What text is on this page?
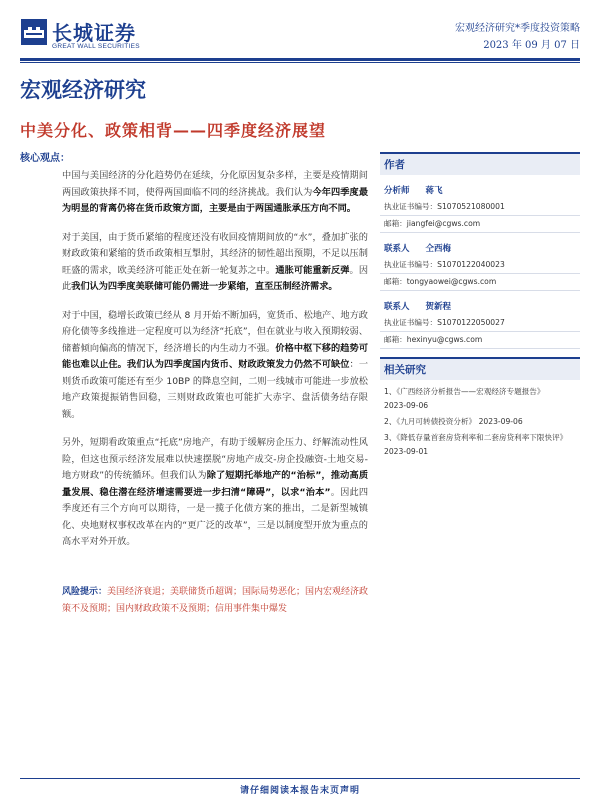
长城证券
GREAT WALL SECURITIES
宏观经济研究*季度投资策略
2023 年 09 月 07 日
宏观经济研究
中美分化、政策相背——四季度经济展望
核心观点：

中国与美国经济的分化趋势仍在延续，分化原因复杂多样，主要是疫情期间两国政策抉择不同，使得两国面临不同的经济挑战。我们认为今年四季度最为明显的背离仍将在货币政策方面，主要是由于两国通胀承压方向不同。

对于美国，由于货币紧缩的程度还没有收回疫情期间放的“水”，叠加扩张的财政政策和紧缩的货币政策相互掣肘，其经济的韧性超出预期，不足以压制旺盛的需求，欧美经济可能正处在新一轮复苏之中。通胀可能重新反弹。因此我们认为四季度美联储可能仍需进一步紧缩，直至压制经济需求。

对于中国，稳增长政策已经从 8 月开始不断加码，宽货币、松地产、地方政府化债等多线推进一定程度可以为经济“托底”，但在就业与收入预期较弱、储蓄倾向偏高的情况下，经济增长的内生动力不强。价格中枢下移的趋势可能也难以止住。我们认为四季度国内货币、财政政策发力仍然不可缺位：一则货币政策可能还有至少 10BP 的降息空间，二则一线城市可能进一步放松地产政策提振销售回稳，三则财政政策也可能扩大赤字、盘活债务结存限额。

另外，短期看政策重点“托底”房地产，有助于缓解房企压力、纾解流动性风险，但这也预示经济发展难以快速摆脱“房地产成交-房企投融资-土地交易-地方财政”的传统循环。但我们认为除了短期托举地产的“治标”，推动高质量发展、稳住潜在经济增速需要进一步扫清“障碍”，以求“治本”。因此四季度还有三个方向可以期待，一是一揽子化债方案的推出，二是新型城镇化、央地财权事权改革在内的“更广泛的改革”，三是以制度型开放为重点的高水平对外开放。

风险提示：美国经济衰退；美联储货币超调；国际局势恶化；国内宏观经济政策不及预期；国内财政政策不及预期；信用事件集中爆发
作者
分析师 蒋飞
执业证书编号：S1070521080001
邮箱：jiangfei@cgws.com
联系人 仝西梅
执业证书编号：S1070122040023
邮箱：tongyaowei@cgws.com
联系人 贺新程
执业证书编号：S1070122050027
邮箱：hexinyu@cgws.com
相关研究
1、《广西经济分析报告——宏观经济专题报告》
2023-09-06
2、《九月可转债投资分析》 2023-09-06
3、《降低存量首套房贷利率和二套房贷利率下限快评》
2023-09-01
请仔细阅读本报告末页声明
